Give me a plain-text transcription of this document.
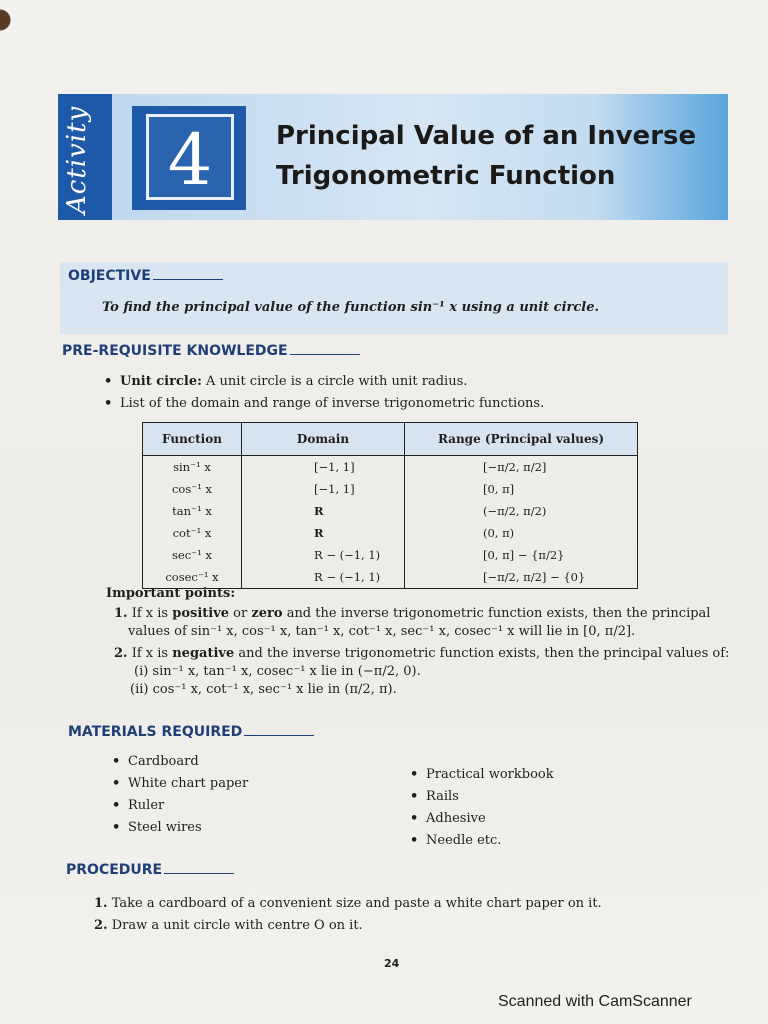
Activity	4	Principal Value of an Inverse
Trigonometric Function
OBJECTIVE
To find the principal value of the function sin⁻¹ x using a unit circle.
PRE-REQUISITE KNOWLEDGE
• Unit circle: A unit circle is a circle with unit radius.
• List of the domain and range of inverse trigonometric functions.
Function	Domain	Range (Principal values)
sin⁻¹ x	[−1, 1]	[−π/2, π/2]
cos⁻¹ x	[−1, 1]	[0, π]
tan⁻¹ x	R	(−π/2, π/2)
cot⁻¹ x	R	(0, π)
sec⁻¹ x	R − (−1, 1)	[0, π] − {π/2}
cosec⁻¹ x	R − (−1, 1)	[−π/2, π/2] − {0}
Important points:
1. If x is positive or zero and the inverse trigonometric function exists, then the principal
values of sin⁻¹ x, cos⁻¹ x, tan⁻¹ x, cot⁻¹ x, sec⁻¹ x, cosec⁻¹ x will lie in [0, π/2].
2. If x is negative and the inverse trigonometric function exists, then the principal values of:
(i) sin⁻¹ x, tan⁻¹ x, cosec⁻¹ x lie in (−π/2, 0).
(ii) cos⁻¹ x, cot⁻¹ x, sec⁻¹ x lie in (π/2, π).
MATERIALS REQUIRED
• Cardboard
• White chart paper
• Ruler
• Steel wires
• Practical workbook
• Rails
• Adhesive
• Needle etc.
PROCEDURE
1. Take a cardboard of a convenient size and paste a white chart paper on it.
2. Draw a unit circle with centre O on it.
24
Scanned with CamScanner
